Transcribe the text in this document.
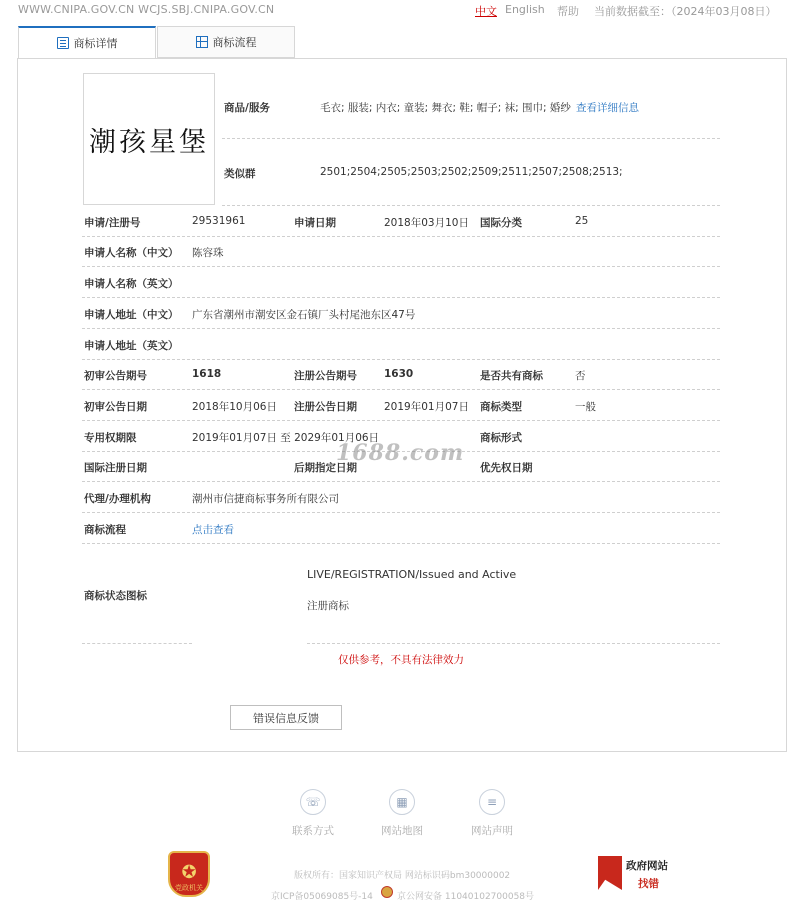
WWW.CNIPA.GOV.CN WCJS.SBJ.CNIPA.GOV.CN	中文 English 帮助 当前数据截至：（2024年03月08日）
商标详情	商标流程
潮孩星堡
商品/服务	毛衣; 服装; 内衣; 童装; 舞衣; 鞋; 帽子; 袜; 围巾; 婚纱 查看详细信息
类似群	2501;2504;2505;2503;2502;2509;2511;2507;2508;2513;
申请/注册号	29531961	申请日期	2018年03月10日 国际分类	25
申请人名称（中文） 陈容珠
申请人名称（英文）
申请人地址（中文） 广东省潮州市潮安区金石镇厂头村尾池东区47号
申请人地址（英文）
初审公告期号	1618	注册公告期号	1630	是否共有商标	否
初审公告日期	2018年10月06日 注册公告日期	2019年01月07日 商标类型	一般
专用权期限	2019年01月07日 至 2029年01月06日	商标形式
国际注册日期	后期指定日期	优先权日期
代理/办理机构	潮州市信捷商标事务所有限公司
商标流程	点击查看
商标状态图标
LIVE/REGISTRATION/Issued and Active
注册商标
1688.com
仅供参考，不具有法律效力
错误信息反馈
☏
联系方式
▦
网站地图
≡
网站声明
✪
党政机关
版权所有：国家知识产权局 网站标识码bm30000002
京ICP备05069085号-14	京公网安备 11040102700058号
政府网站
找错
